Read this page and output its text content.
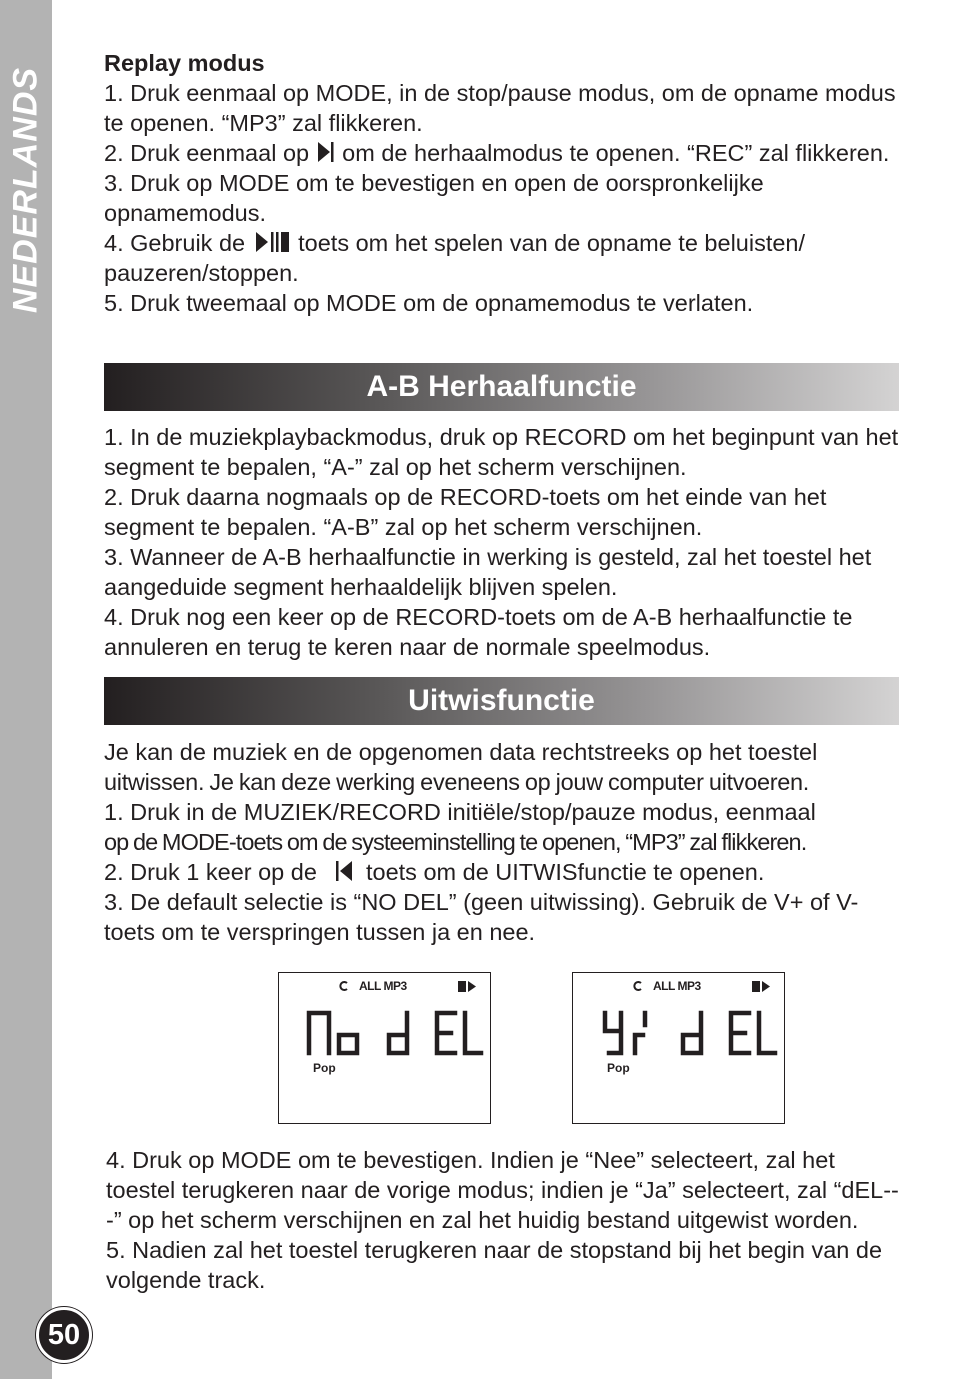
NEDERLANDS
50

Replay modus

1. Druk eenmaal op MODE, in de stop/pause modus, om de opname modus te openen. “MP3” zal flikkeren.

2. Druk eenmaal op  om de herhaalmodus te openen. “REC” zal flikkeren.

3. Druk op MODE om te bevestigen en open de oorspronkelijke opnamemodus.

4. Gebruik de  toets om het spelen van de opname te beluisten/ pauzeren/stoppen.

5. Druk tweemaal op MODE om de opnamemodus te verlaten.

A-B Herhaalfunctie

1. In de muziekplaybackmodus, druk op RECORD om het beginpunt van het segment te bepalen, “A-” zal op het scherm verschijnen.

2. Druk daarna nogmaals op de RECORD-toets om het einde van het segment te bepalen. “A-B” zal op het scherm verschijnen.

3. Wanneer de A-B herhaalfunctie in werking is gesteld, zal het toestel het aangeduide segment herhaaldelijk blijven spelen.

4. Druk nog een keer op de RECORD-toets om de A-B herhaalfunctie te annuleren en terug te keren naar de normale speelmodus.

Uitwisfunctie

Je kan de muziek en de opgenomen data rechtstreeks op het toestel

uitwissen. Je kan deze werking eveneens op jouw computer uitvoeren.

1. Druk in de MUZIEK/RECORD initiële/stop/pauze modus, eenmaal

op de MODE-toets om de systeeminstelling te openen, “MP3” zal flikkeren.

2. Druk 1 keer op de  toets om de UITWISfunctie te openen.

3. De default selectie is “NO DEL” (geen uitwissing). Gebruik de V+ of V- toets om te verspringen tussen ja en nee.

ALL MP3
Pop
ALL MP3
Pop

4. Druk op MODE om te bevestigen. Indien je “Nee” selecteert, zal het toestel terugkeren naar de vorige modus; indien je “Ja” selecteert, zal “dEL---” op het scherm verschijnen en zal het huidig bestand uitgewist worden.

5. Nadien zal het toestel terugkeren naar de stopstand bij het begin van de volgende track.
